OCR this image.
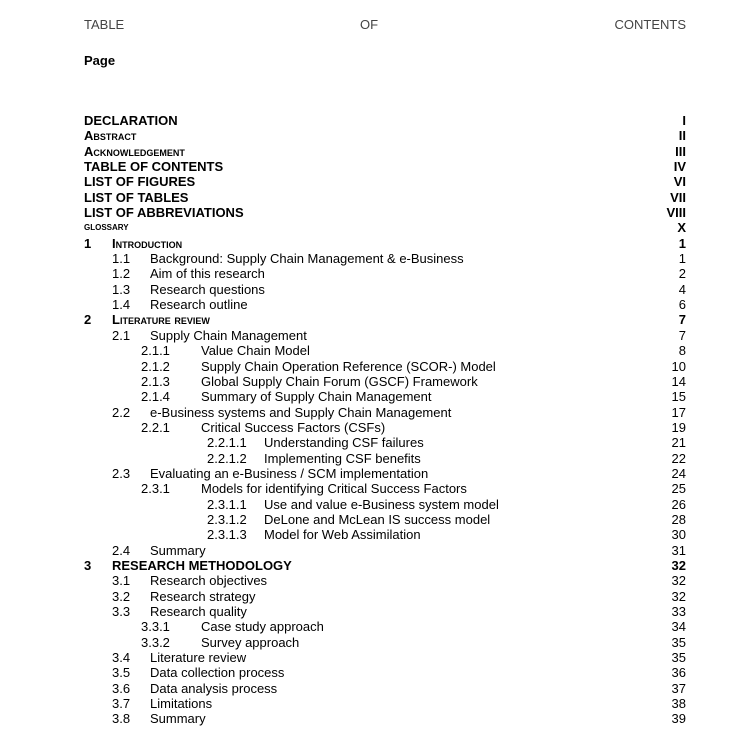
TABLE	OF	CONTENTS
Page
DECLARATION	I
Abstract	II
Acknowledgement	III
TABLE OF CONTENTS	IV
LIST OF FIGURES	VI
LIST OF TABLES	VII
LIST OF ABBREVIATIONS	VIII
glossary	X
1 Introduction	1
1.1 Background: Supply Chain Management & e-Business	1
1.2 Aim of this research	2
1.3 Research questions	4
1.4 Research outline	6
2 Literature review	7
2.1 Supply Chain Management	7
2.1.1 Value Chain Model	8
2.1.2 Supply Chain Operation Reference (SCOR-) Model	10
2.1.3 Global Supply Chain Forum (GSCF) Framework	14
2.1.4 Summary of Supply Chain Management	15
2.2 e-Business systems and Supply Chain Management	17
2.2.1 Critical Success Factors (CSFs)	19
2.2.1.1 Understanding CSF failures	21
2.2.1.2 Implementing CSF benefits	22
2.3 Evaluating an e-Business / SCM implementation	24
2.3.1 Models for identifying Critical Success Factors	25
2.3.1.1 Use and value e-Business system model	26
2.3.1.2 DeLone and McLean IS success model	28
2.3.1.3 Model for Web Assimilation	30
2.4 Summary	31
3 RESEARCH METHODOLOGY	32
3.1 Research objectives	32
3.2 Research strategy	32
3.3 Research quality	33
3.3.1 Case study approach	34
3.3.2 Survey approach	35
3.4 Literature review	35
3.5 Data collection process	36
3.6 Data analysis process	37
3.7 Limitations	38
3.8 Summary	39
